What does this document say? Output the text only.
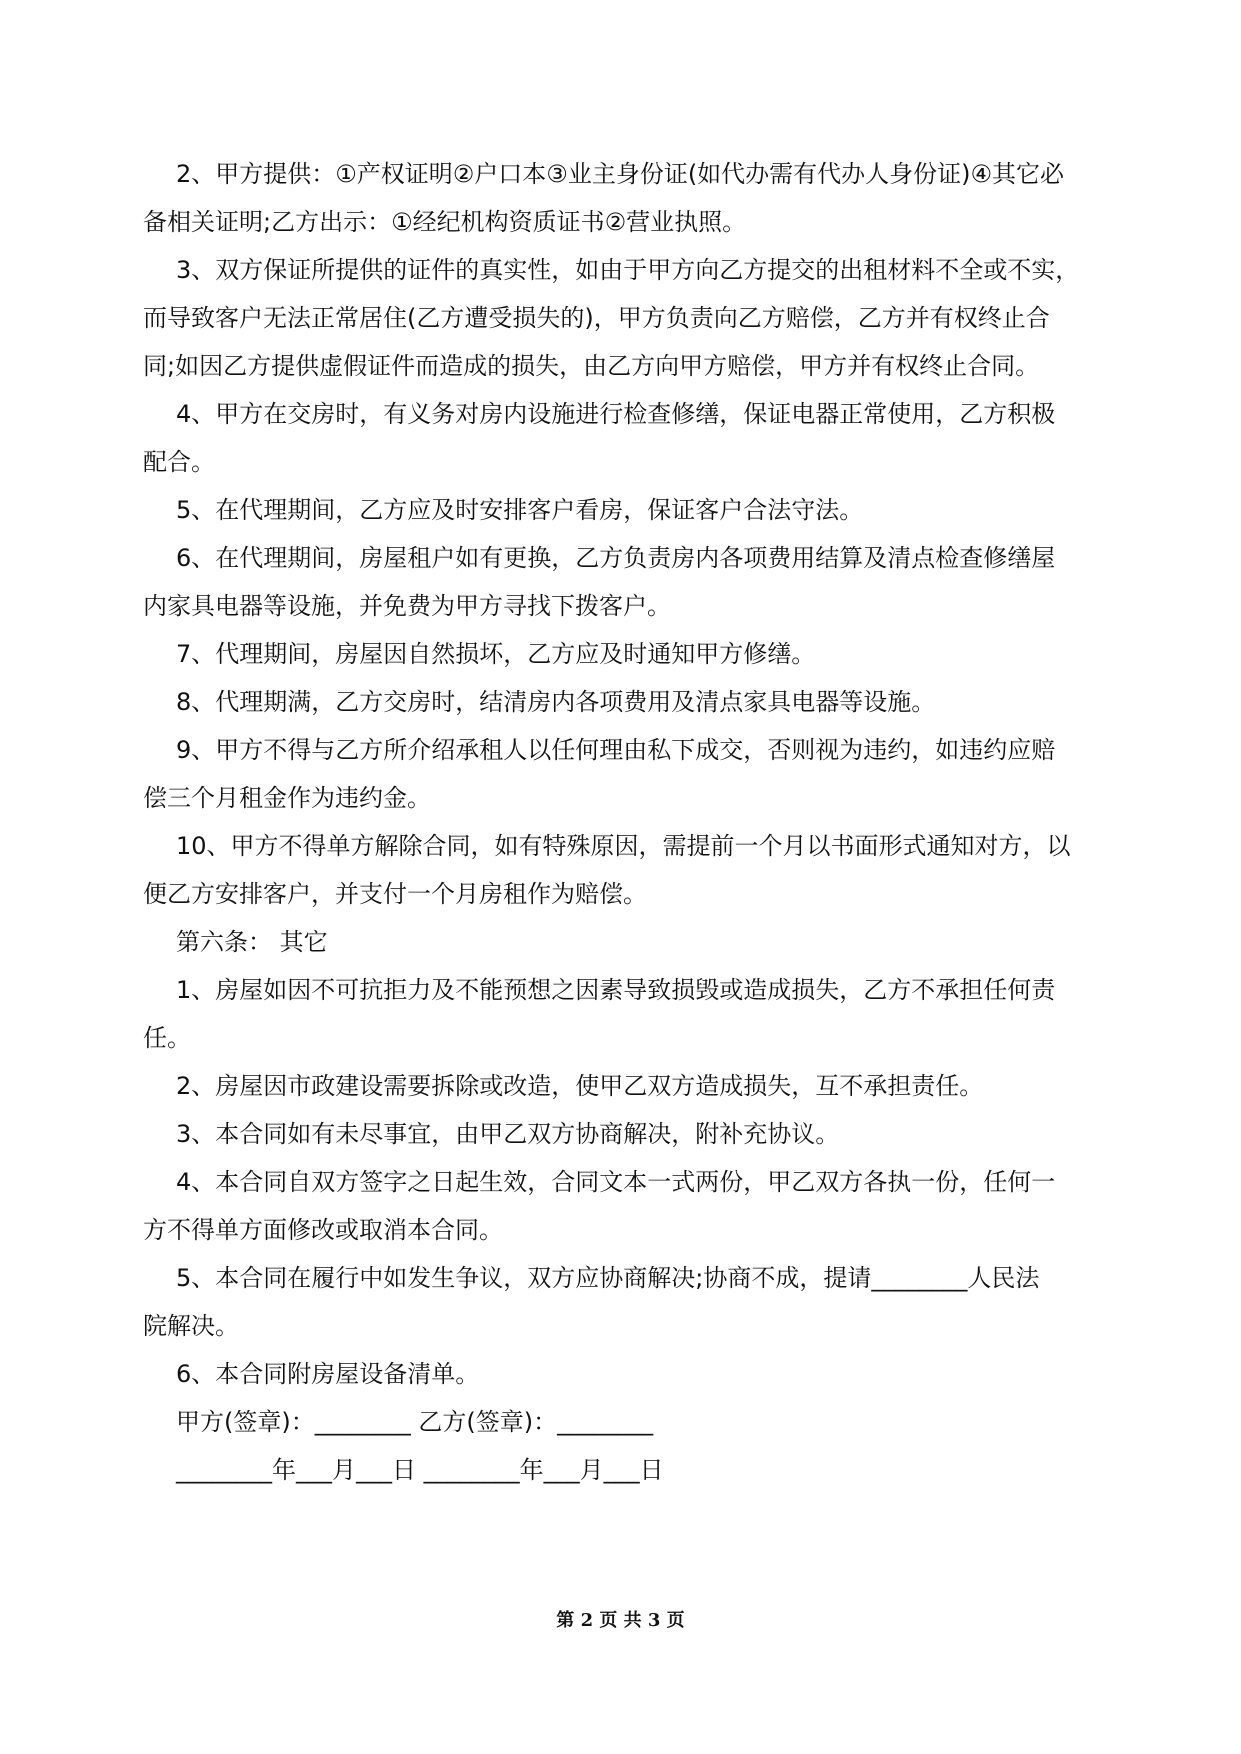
2、甲方提供：①产权证明②户口本③业主身份证(如代办需有代办人身份证)④其它必
备相关证明;乙方出示：①经纪机构资质证书②营业执照。
3、双方保证所提供的证件的真实性，如由于甲方向乙方提交的出租材料不全或不实，
而导致客户无法正常居住(乙方遭受损失的)，甲方负责向乙方赔偿，乙方并有权终止合
同;如因乙方提供虚假证件而造成的损失，由乙方向甲方赔偿，甲方并有权终止合同。
4、甲方在交房时，有义务对房内设施进行检查修缮，保证电器正常使用，乙方积极
配合。
5、在代理期间，乙方应及时安排客户看房，保证客户合法守法。
6、在代理期间，房屋租户如有更换，乙方负责房内各项费用结算及清点检查修缮屋
内家具电器等设施，并免费为甲方寻找下拨客户。
7、代理期间，房屋因自然损坏，乙方应及时通知甲方修缮。
8、代理期满，乙方交房时，结清房内各项费用及清点家具电器等设施。
9、甲方不得与乙方所介绍承租人以任何理由私下成交，否则视为违约，如违约应赔
偿三个月租金作为违约金。
10、甲方不得单方解除合同，如有特殊原因，需提前一个月以书面形式通知对方，以
便乙方安排客户，并支付一个月房租作为赔偿。
第六条： 其它
1、房屋如因不可抗拒力及不能预想之因素导致损毁或造成损失，乙方不承担任何责
任。
2、房屋因市政建设需要拆除或改造，使甲乙双方造成损失，互不承担责任。
3、本合同如有未尽事宜，由甲乙双方协商解决，附补充协议。
4、本合同自双方签字之日起生效，合同文本一式两份，甲乙双方各执一份，任何一
方不得单方面修改或取消本合同。
5、本合同在履行中如发生争议，双方应协商解决;协商不成，提请________人民法
院解决。
6、本合同附房屋设备清单。
甲方(签章)：________ 乙方(签章)：________
________年___月___日 ________年___月___日
第 2 页 共 3 页
